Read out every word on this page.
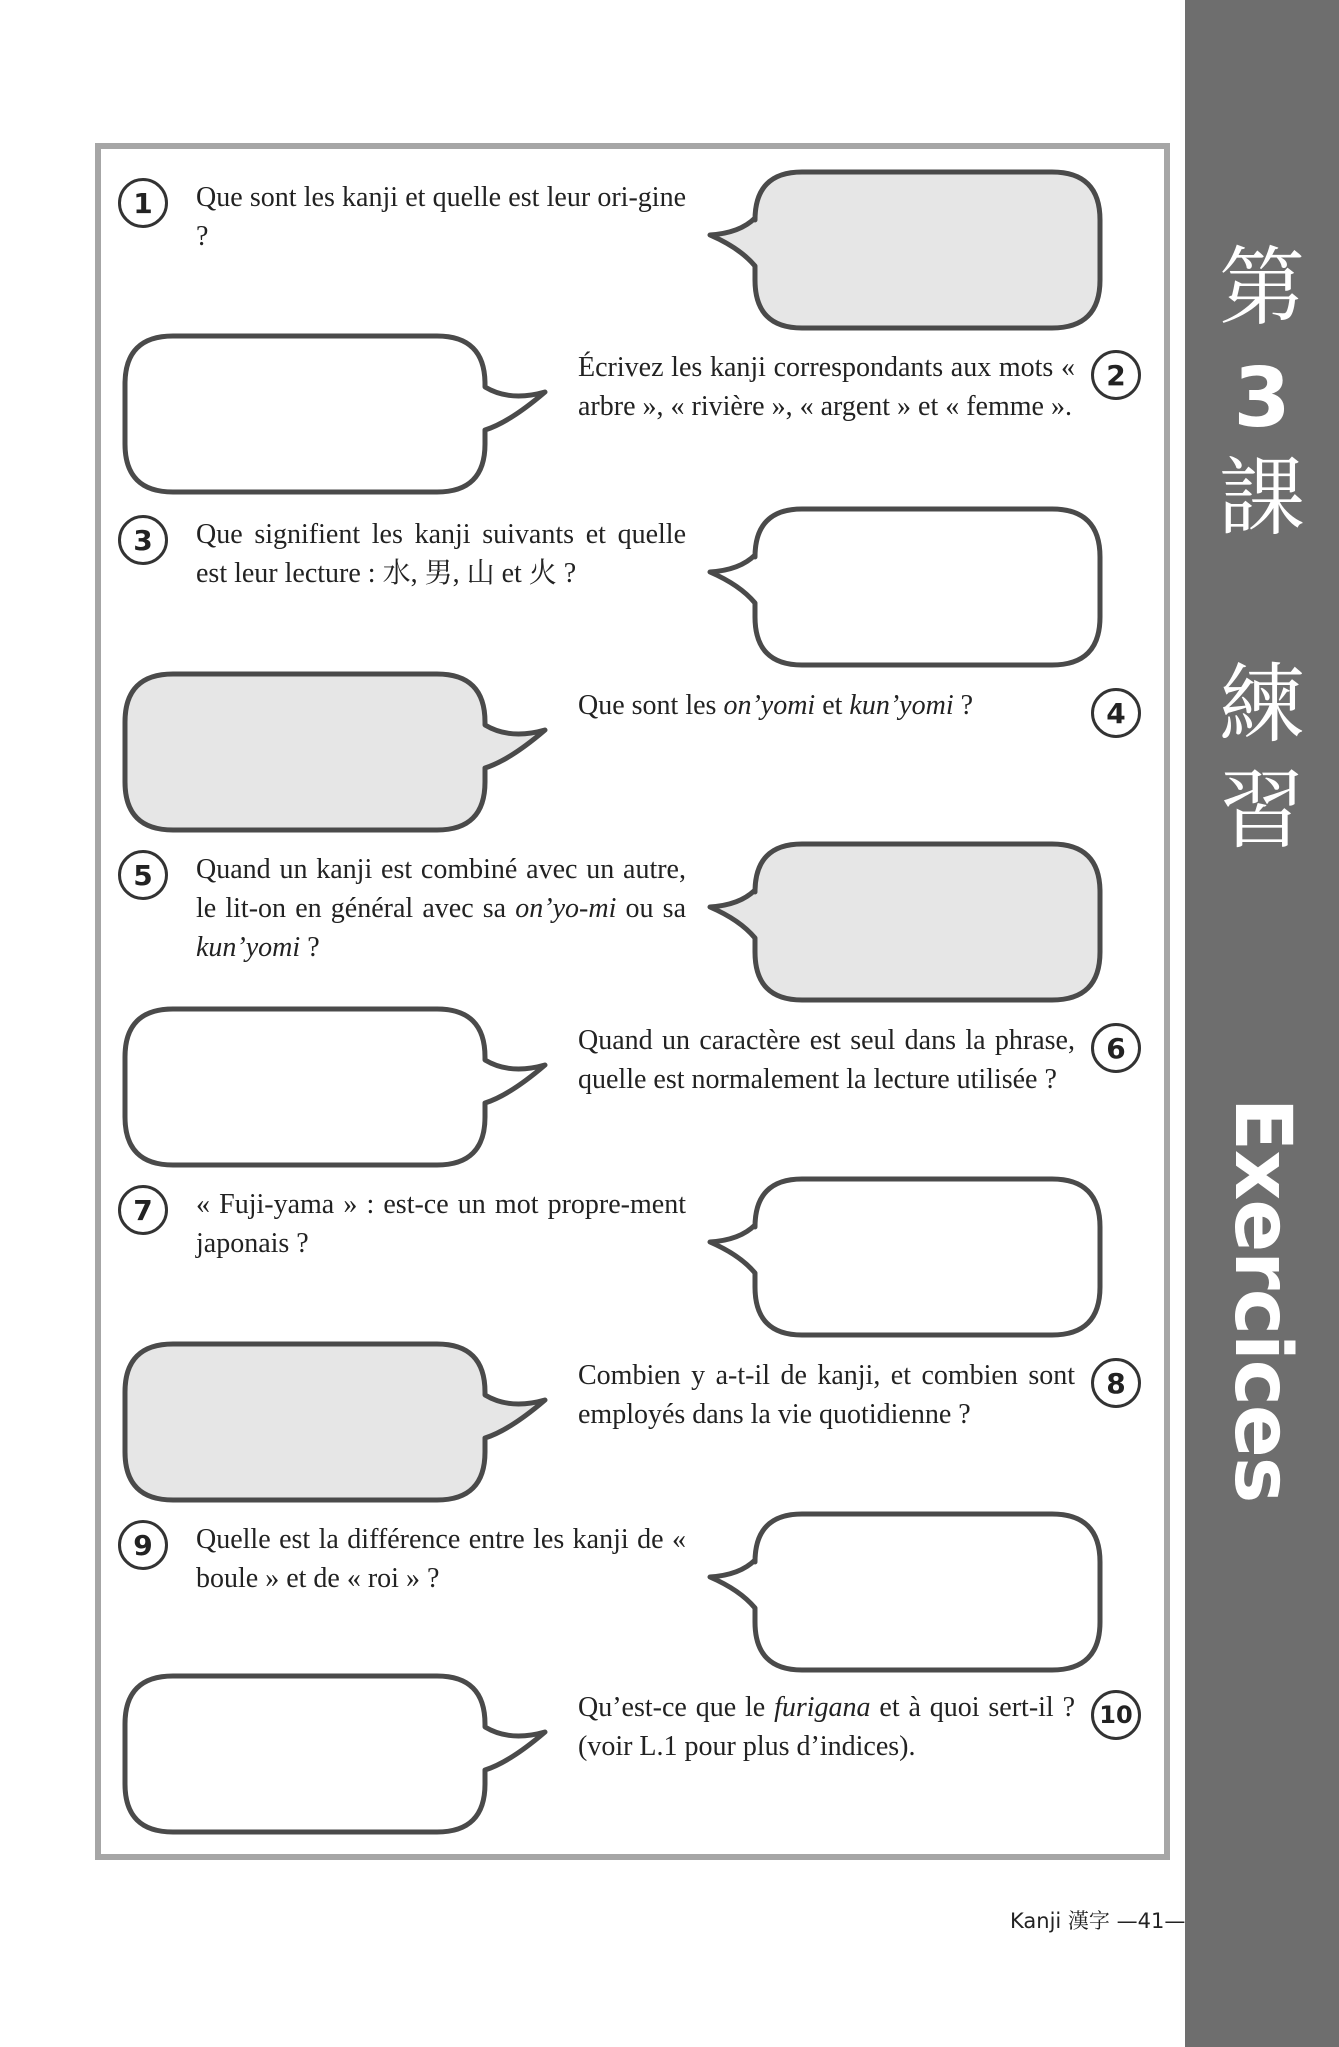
第
3
課
練
習
Exercices
Que sont les kanji et quelle est leur ori-gine ?
1
Écrivez les kanji correspondants aux mots « arbre », « rivière », « argent » et « femme ».
2
Que signifient les kanji suivants et quelle est leur lecture : 水, 男, 山 et 火 ?
3
Que sont les on’yomi et kun’yomi ?	4
Quand un kanji est combiné avec un autre, le lit-on en général avec sa on’yo-mi ou sa kun’yomi ?
5
Quand un caractère est seul dans la phrase, quelle est normalement la lecture utilisée ?
6
« Fuji-yama » : est-ce un mot propre-ment japonais ?
7
Combien y a-t-il de kanji, et combien sont employés dans la vie quotidienne ?
8
Quelle est la différence entre les kanji de « boule » et de « roi » ?
9
Qu’est-ce que le furigana et à quoi sert-il ? (voir L.1 pour plus d’indices).
10
Kanji 漢字 —41—
